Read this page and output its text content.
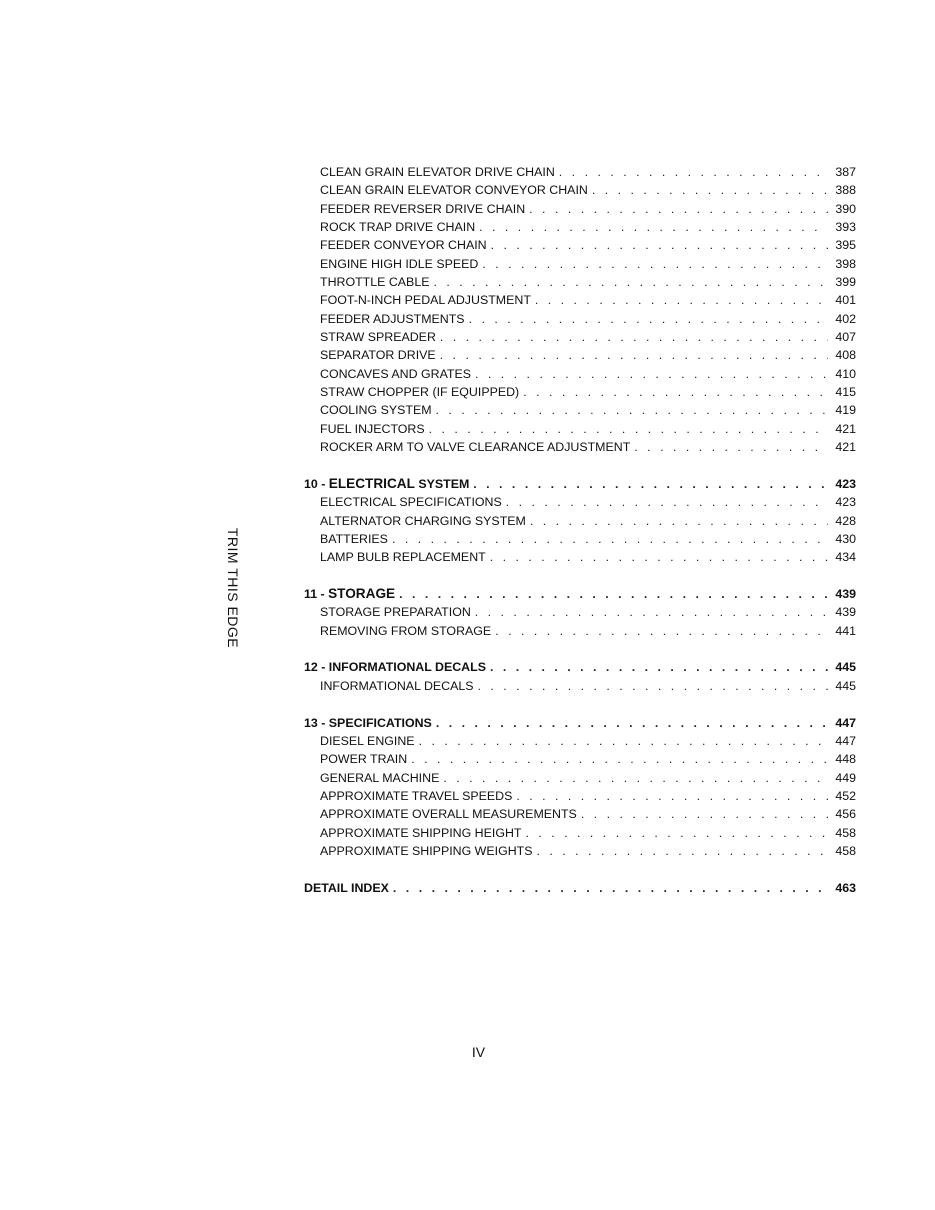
TRIM THIS EDGE
CLEAN GRAIN ELEVATOR DRIVE CHAIN . . .	387
CLEAN GRAIN ELEVATOR CONVEYOR CHAIN . . .	388
FEEDER REVERSER DRIVE CHAIN . . .	390
ROCK TRAP DRIVE CHAIN . . .	393
FEEDER CONVEYOR CHAIN . . .	395
ENGINE HIGH IDLE SPEED . . .	398
THROTTLE CABLE . . .	399
FOOT-N-INCH PEDAL ADJUSTMENT . . .	401
FEEDER ADJUSTMENTS . . .	402
STRAW SPREADER . . .	407
SEPARATOR DRIVE . . .	408
CONCAVES AND GRATES . . .	410
STRAW CHOPPER (IF EQUIPPED) . . .	415
COOLING SYSTEM . . .	419
FUEL INJECTORS . . .	421
ROCKER ARM TO VALVE CLEARANCE ADJUSTMENT . . .	421
10 - ELECTRICAL SYSTEM . . .	423
ELECTRICAL SPECIFICATIONS . . .	423
ALTERNATOR CHARGING SYSTEM . . .	428
BATTERIES . . .	430
LAMP BULB REPLACEMENT . . .	434
11 - STORAGE . . .	439
STORAGE PREPARATION . . .	439
REMOVING FROM STORAGE . . .	441
12 - INFORMATIONAL DECALS . . .	445
INFORMATIONAL DECALS . . .	445
13 - SPECIFICATIONS . . .	447
DIESEL ENGINE . . .	447
POWER TRAIN . . .	448
GENERAL MACHINE . . .	449
APPROXIMATE TRAVEL SPEEDS . . .	452
APPROXIMATE OVERALL MEASUREMENTS . . .	456
APPROXIMATE SHIPPING HEIGHT . . .	458
APPROXIMATE SHIPPING WEIGHTS . . .	458
DETAIL INDEX . . .	463
IV
